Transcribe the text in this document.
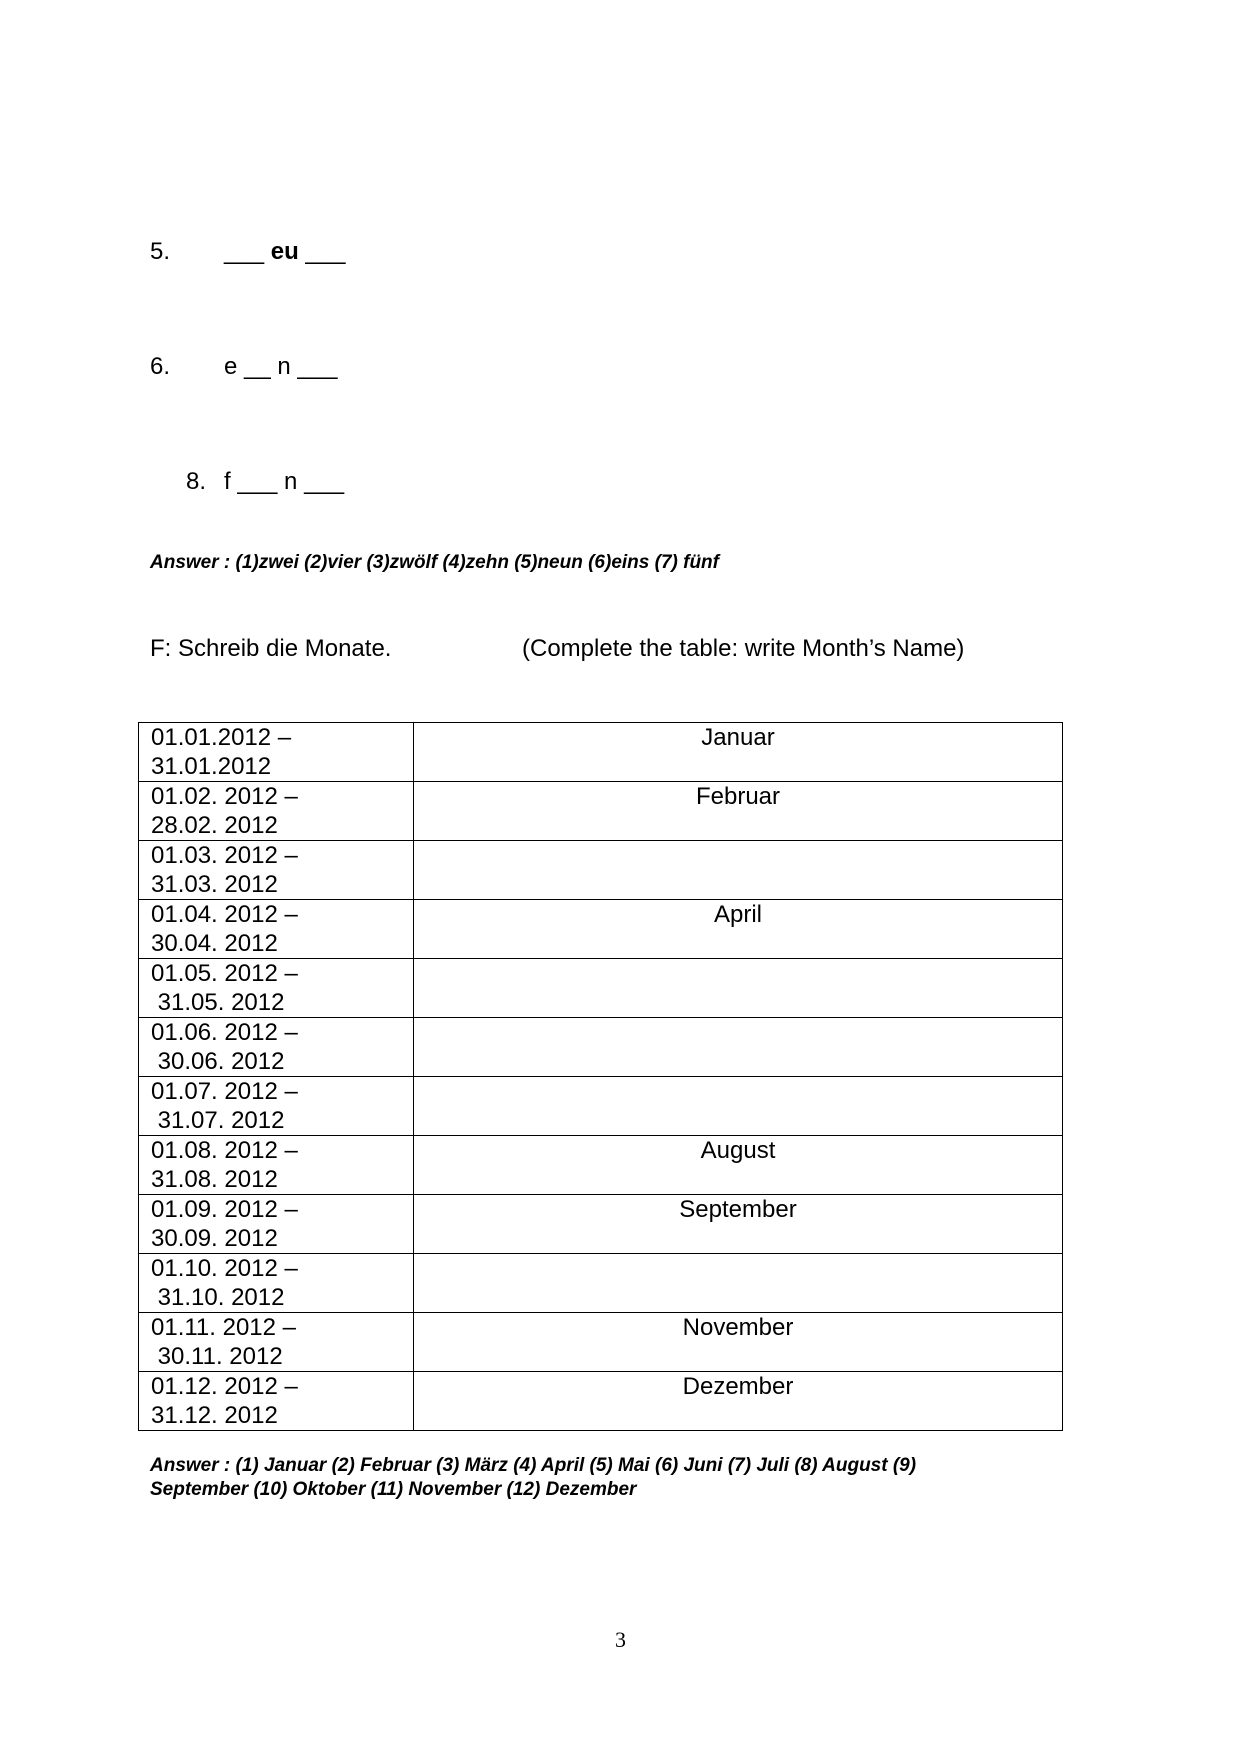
5. ___ eu ___
6. e __ n ___
8. f ___ n ___
Answer : (1)zwei (2)vier (3)zwölf (4)zehn (5)neun (6)eins (7) fünf
F: Schreib die Monate.	(Complete the table: write Month’s Name)
01.01.2012 –
31.01.2012	Januar

01.02. 2012 –
28.02. 2012	Februar

01.03. 2012 –
31.03. 2012	

01.04. 2012 –
30.04. 2012	April

01.05. 2012 –
31.05. 2012	

01.06. 2012 –
30.06. 2012	

01.07. 2012 –
31.07. 2012	

01.08. 2012 –
31.08. 2012	August

01.09. 2012 –
30.09. 2012	September

01.10. 2012 –
31.10. 2012	

01.11. 2012 –
30.11. 2012	November

01.12. 2012 –
31.12. 2012	Dezember
Answer : (1) Januar (2) Februar (3) März (4) April (5) Mai (6) Juni (7) Juli (8) August (9)
September (10) Oktober (11) November (12) Dezember
3
